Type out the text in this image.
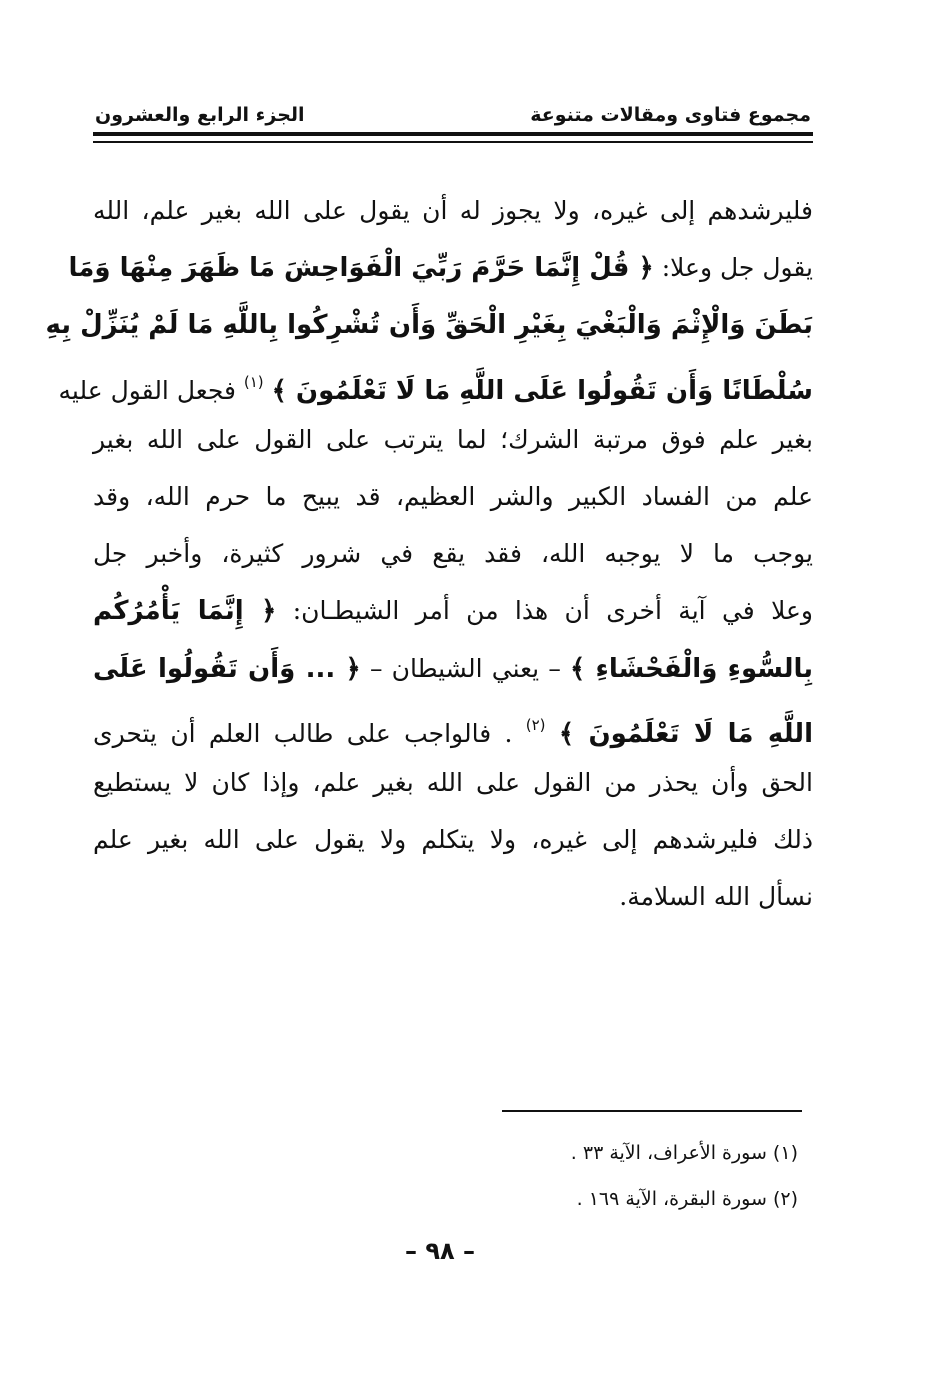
مجموع فتاوى ومقالات متنوعة
الجزء الرابع والعشرون
فليرشدهم إلى غيره، ولا يجوز له أن يقول على الله بغير علم، الله
يقول جل وعلا: ﴿ قُلْ إِنَّمَا حَرَّمَ رَبِّيَ الْفَوَاحِشَ مَا ظَهَرَ مِنْهَا وَمَا
بَطَنَ وَالْإِثْمَ وَالْبَغْيَ بِغَيْرِ الْحَقِّ وَأَن تُشْرِكُوا بِاللَّهِ مَا لَمْ يُنَزِّلْ بِهِ
سُلْطَانًا وَأَن تَقُولُوا عَلَى اللَّهِ مَا لَا تَعْلَمُونَ ﴾ $^{(١)}$ فجعل القول عليه
بغير علم فوق مرتبة الشرك؛ لما يترتب على القول على الله بغير
علم من الفساد الكبير والشر العظيم، قد يبيح ما حرم الله، وقد
يوجب ما لا يوجبه الله، فقد يقع في شرور كثيرة، وأخبر جل
وعلا في آية أخرى أن هذا من أمر الشيطـان: ﴿ إِنَّمَا يَأْمُرُكُم
بِالسُّوءِ وَالْفَحْشَاءِ ﴾ – يعني الشيطان – ﴿ ... وَأَن تَقُولُوا عَلَى
اللَّهِ مَا لَا تَعْلَمُونَ ﴾ $^{(٢)}$ . فالواجب على طالب العلم أن يتحرى
الحق وأن يحذر من القول على الله بغير علم، وإذا كان لا يستطيع
ذلك فليرشدهم إلى غيره، ولا يتكلم ولا يقول على الله بغير علم
نسأل الله السلامة.
(١) سورة الأعراف، الآية ٣٣ .
(٢) سورة البقرة، الآية ١٦٩ .
– ٩٨ –
